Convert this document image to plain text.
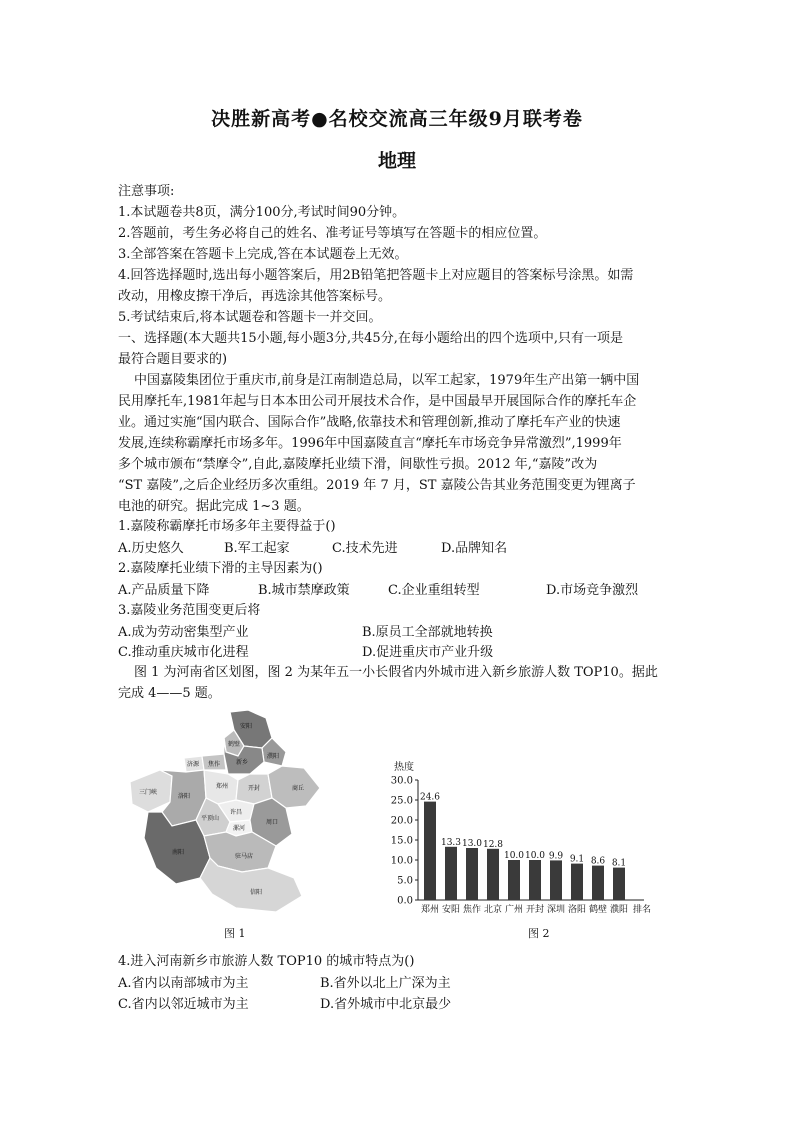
决胜新高考●名校交流高三年级9月联考卷
地理
注意事项:
1.本试题卷共8页，满分100分,考试时间90分钟。
2.答题前，考生务必将自己的姓名、准考证号等填写在答题卡的相应位置。
3.全部答案在答题卡上完成,答在本试题卷上无效。
4.回答选择题时,选出每小题答案后，用2B铅笔把答题卡上对应题目的答案标号涂黑。如需
改动，用橡皮擦干净后，再选涂其他答案标号。
5.考试结束后,将本试题卷和答题卡一并交回。
一、选择题(本大题共15小题,每小题3分,共45分,在每小题给出的四个选项中,只有一项是
最符合题目要求的)
中国嘉陵集团位于重庆市,前身是江南制造总局，以军工起家，1979年生产出第一辆中国
民用摩托车,1981年起与日本本田公司开展技术合作，是中国最早开展国际合作的摩托车企
业。通过实施“国内联合、国际合作”战略,依靠技术和管理创新,推动了摩托车产业的快速
发展,连续称霸摩托市场多年。1996年中国嘉陵直言“摩托车市场竞争异常激烈”,1999年
多个城市颁布“禁摩令”,自此,嘉陵摩托业绩下滑，间歇性亏损。2012 年,“嘉陵”改为
“ST 嘉陵”,之后企业经历多次重组。2019 年 7 月，ST 嘉陵公告其业务范围变更为锂离子
电池的研究。据此完成 1~3 题。
1.嘉陵称霸摩托市场多年主要得益于()
A.历史悠久	B.军工起家	C.技术先进	D.品牌知名
2.嘉陵摩托业绩下滑的主导因素为()
A.产品质量下降	B.城市禁摩政策	C.企业重组转型	D.市场竞争激烈
3.嘉陵业务范围变更后将
A.成为劳动密集型产业	B.原员工全部就地转换
C.推动重庆城市化进程	D.促进重庆市产业升级
图 1 为河南省区划图，图 2 为某年五一小长假省内外城市进入新乡旅游人数 TOP10。据此
完成 4——5 题。
安阳
鹤壁
濮阳
济源 焦作	新乡
三门峡
洛阳
郑州	开封	商丘
许昌
平顶山
漯河
周口
南阳
驻马店
信阳
图 1
热度
0.0
5.0
10.0
15.0
20.0
25.0
30.0
排名
24.6
郑州
13.3
安阳
13.0
焦作
12.8
北京
10.0
广州
10.0
开封
9.9
深圳
9.1
洛阳
8.6
鹤壁
8.1
濮阳
图 2
4.进入河南新乡市旅游人数 TOP10 的城市特点为()
A.省内以南部城市为主	B.省外以北上广深为主
C.省内以邻近城市为主	D.省外城市中北京最少
